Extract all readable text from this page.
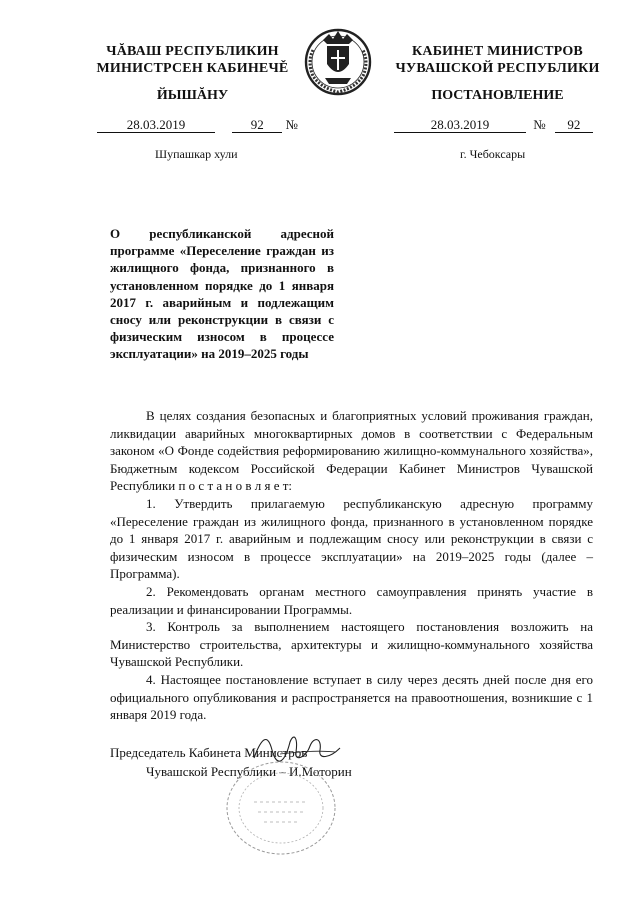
ЧĂВАШ РЕСПУБЛИКИН
МИНИСТРСЕН КАБИНЕЧĚ
ЙЫШĂНУ
КАБИНЕТ МИНИСТРОВ
ЧУВАШСКОЙ РЕСПУБЛИКИ
ПОСТАНОВЛЕНИЕ
28.03.2019	92 №	28.03.2019	№ 92
Шупашкар хули	г. Чебоксары
О республиканской адресной программе «Переселение граждан из жилищного фонда, признанного в установленном порядке до 1 января 2017 г. аварийным и подлежащим сносу или реконструкции в связи с физическим износом в процессе эксплуатации» на 2019–2025 годы

В целях создания безопасных и благоприятных условий проживания граждан, ликвидации аварийных многоквартирных домов в соответствии с Федеральным законом «О Фонде содействия реформированию жилищно-коммунального хозяйства», Бюджетным кодексом Российской Федерации Кабинет Министров Чувашской Республики п о с т а н о в л я е т:

1. Утвердить прилагаемую республиканскую адресную программу «Переселение граждан из жилищного фонда, признанного в установленном порядке до 1 января 2017 г. аварийным и подлежащим сносу или реконструкции в связи с физическим износом в процессе эксплуатации» на 2019–2025 годы (далее – Программа).

2. Рекомендовать органам местного самоуправления принять участие в реализации и финансировании Программы.

3. Контроль за выполнением настоящего постановления возложить на Министерство строительства, архитектуры и жилищно-коммунального хозяйства Чувашской Республики.

4. Настоящее постановление вступает в силу через десять дней после дня его официального опубликования и распространяется на правоотношения, возникшие с 1 января 2019 года.

Председатель Кабинета Министров
Чувашской Республики – И.Моторин
